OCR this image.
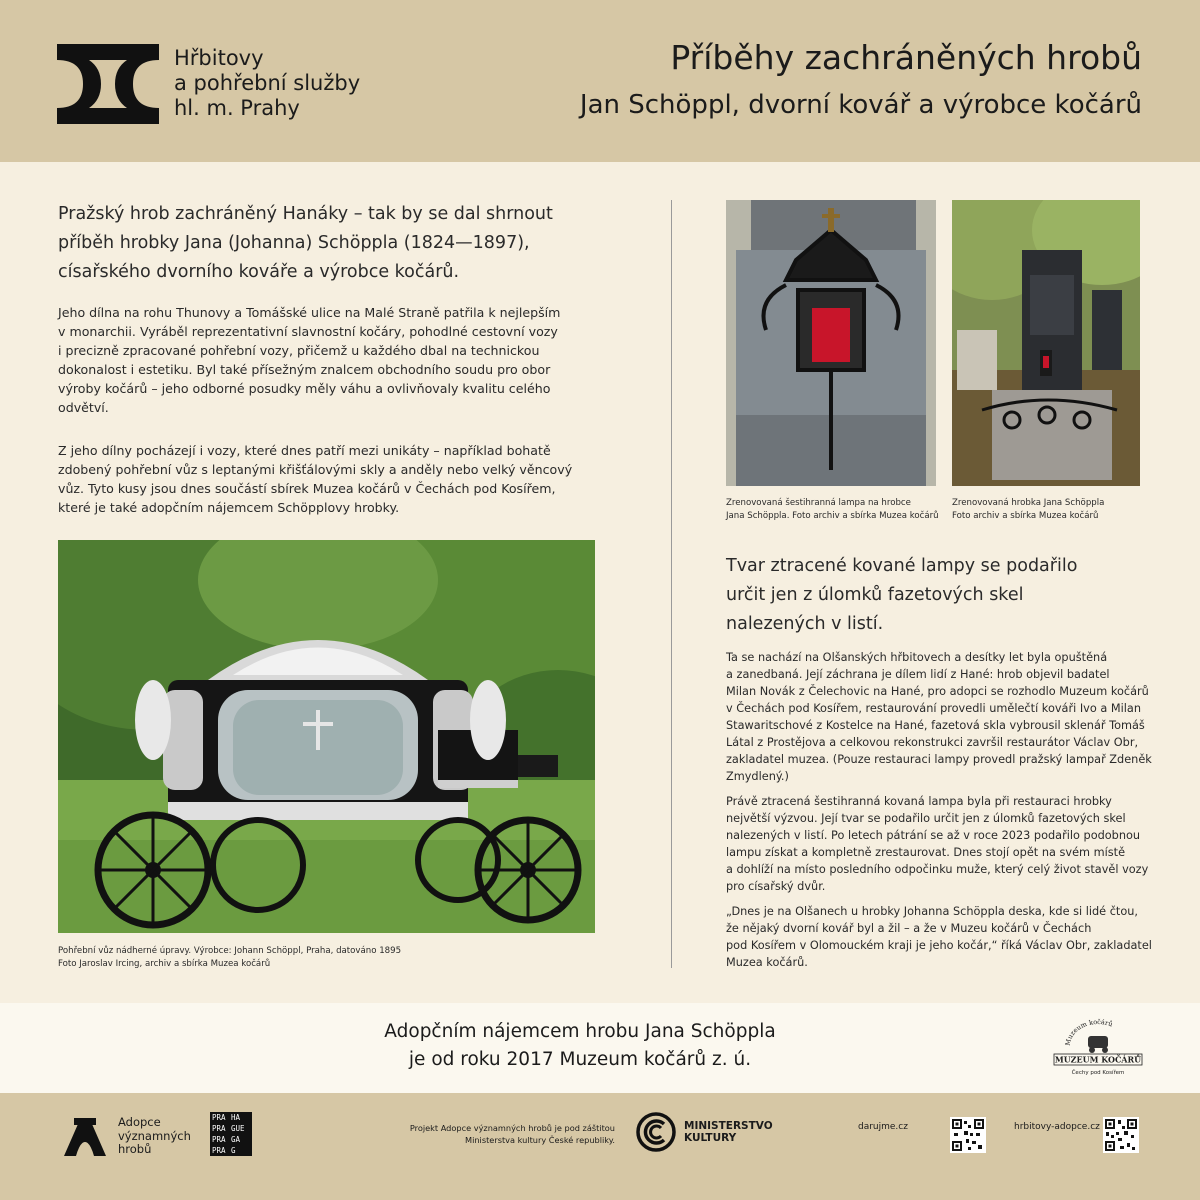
Hřbitovy
a pohřební služby
hl. m. Prahy
Příběhy zachráněných hrobů
Jan Schöppl, dvorní kovář a výrobce kočárů
Pražský hrob zachráněný Hanáky – tak by se dal shrnout
příběh hrobky Jana (Johanna) Schöppla (1824—1897),
císařského dvorního kováře a výrobce kočárů.
Jeho dílna na rohu Thunovy a Tomášské ulice na Malé Straně patřila k nejlepším
v monarchii. Vyráběl reprezentativní slavnostní kočáry, pohodlné cestovní vozy
i precizně zpracované pohřební vozy, přičemž u každého dbal na technickou
dokonalost i estetiku. Byl také přísežným znalcem obchodního soudu pro obor
výroby kočárů – jeho odborné posudky měly váhu a ovlivňovaly kvalitu celého
odvětví.
Z jeho dílny pocházejí i vozy, které dnes patří mezi unikáty – například bohatě
zdobený pohřební vůz s leptanými křišťálovými skly a anděly nebo velký věncový
vůz. Tyto kusy jsou dnes součástí sbírek Muzea kočárů v Čechách pod Kosířem,
které je také adopčním nájemcem Schöpplovy hrobky.
Pohřební vůz nádherné úpravy. Výrobce: Johann Schöppl, Praha, datováno 1895
Foto Jaroslav Ircing, archiv a sbírka Muzea kočárů
Zrenovovaná šestihranná lampa na hrobce
Jana Schöppla. Foto archiv a sbírka Muzea kočárů
Zrenovovaná hrobka Jana Schöppla
Foto archiv a sbírka Muzea kočárů
Tvar ztracené kované lampy se podařilo
určit jen z úlomků fazetových skel
nalezených v listí.
Ta se nachází na Olšanských hřbitovech a desítky let byla opuštěná
a zanedbaná. Její záchrana je dílem lidí z Hané: hrob objevil badatel
Milan Novák z Čelechovic na Hané, pro adopci se rozhodlo Muzeum kočárů
v Čechách pod Kosířem, restaurování provedli umělečtí kováři Ivo a Milan
Stawaritschové z Kostelce na Hané, fazetová skla vybrousil sklenář Tomáš
Látal z Prostějova a celkovou rekonstrukci završil restaurátor Václav Obr,
zakladatel muzea. (Pouze restauraci lampy provedl pražský lampař Zdeněk
Zmydlený.)
Právě ztracená šestihranná kovaná lampa byla při restauraci hrobky
největší výzvou. Její tvar se podařilo určit jen z úlomků fazetových skel
nalezených v listí. Po letech pátrání se až v roce 2023 podařilo podobnou
lampu získat a kompletně zrestaurovat. Dnes stojí opět na svém místě
a dohlíží na místo posledního odpočinku muže, který celý život stavěl vozy
pro císařský dvůr.
„Dnes je na Olšanech u hrobky Johanna Schöppla deska, kde si lidé čtou,
že nějaký dvorní kovář byl a žil – a že v Muzeu kočárů v Čechách
pod Kosířem v Olomouckém kraji je jeho kočár,“ říká Václav Obr, zakladatel
Muzea kočárů.
Adopčním nájemcem hrobu Jana Schöppla
je od roku 2017 Muzeum kočárů z. ú.
Muzeum kočárů
MUZEUM KOČÁRŮ
Čechy pod Kosířem
Adopce
významných
hrobů
PRA HA
PRA GUE
PRA GA
PRA G
Projekt Adopce významných hrobů je pod záštitou
Ministerstva kultury České republiky.
MINISTERSTVO
KULTURY
darujme.cz	hrbitovy-adopce.cz
